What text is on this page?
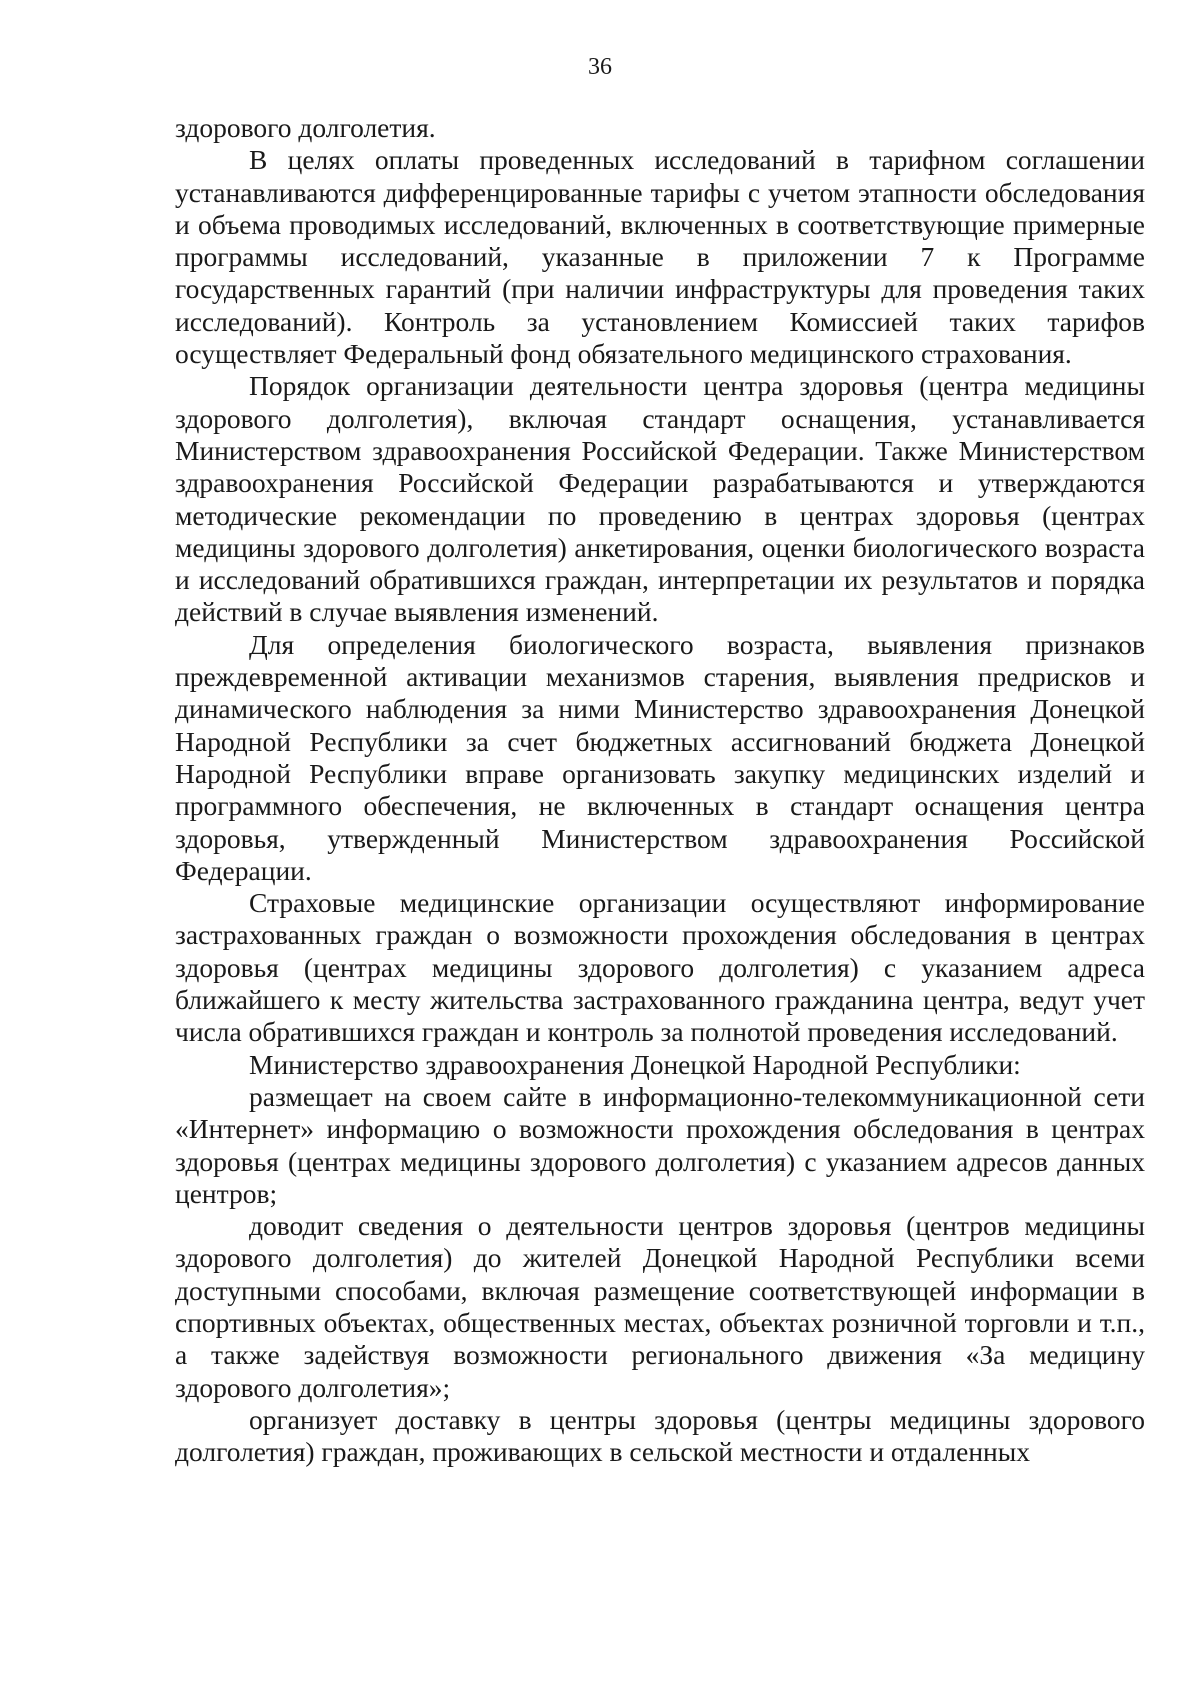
36

здорового долголетия.

В целях оплаты проведенных исследований в тарифном соглашении устанавливаются дифференцированные тарифы с учетом этапности обследования и объема проводимых исследований, включенных в соответствующие примерные программы исследований, указанные в приложении 7 к Программе государственных гарантий (при наличии инфраструктуры для проведения таких исследований). Контроль за установлением Комиссией таких тарифов осуществляет Федеральный фонд обязательного медицинского страхования.

Порядок организации деятельности центра здоровья (центра медицины здорового долголетия), включая стандарт оснащения, устанавливается Министерством здравоохранения Российской Федерации. Также Министерством здравоохранения Российской Федерации разрабатываются и утверждаются методические рекомендации по проведению в центрах здоровья (центрах медицины здорового долголетия) анкетирования, оценки биологического возраста и исследований обратившихся граждан, интерпретации их результатов и порядка действий в случае выявления изменений.

Для определения биологического возраста, выявления признаков преждевременной активации механизмов старения, выявления предрисков и динамического наблюдения за ними Министерство здравоохранения Донецкой Народной Республики за счет бюджетных ассигнований бюджета Донецкой Народной Республики вправе организовать закупку медицинских изделий и программного обеспечения, не включенных в стандарт оснащения центра здоровья, утвержденный Министерством здравоохранения Российской Федерации.

Страховые медицинские организации осуществляют информирование застрахованных граждан о возможности прохождения обследования в центрах здоровья (центрах медицины здорового долголетия) с указанием адреса ближайшего к месту жительства застрахованного гражданина центра, ведут учет числа обратившихся граждан и контроль за полнотой проведения исследований.

Министерство здравоохранения Донецкой Народной Республики:

размещает на своем сайте в информационно-телекоммуникационной сети «Интернет» информацию о возможности прохождения обследования в центрах здоровья (центрах медицины здорового долголетия) с указанием адресов данных центров;

доводит сведения о деятельности центров здоровья (центров медицины здорового долголетия) до жителей Донецкой Народной Республики всеми доступными способами, включая размещение соответствующей информации в спортивных объектах, общественных местах, объектах розничной торговли и т.п., а также задействуя возможности регионального движения «За медицину здорового долголетия»;

организует доставку в центры здоровья (центры медицины здорового долголетия) граждан, проживающих в сельской местности и отдаленных
